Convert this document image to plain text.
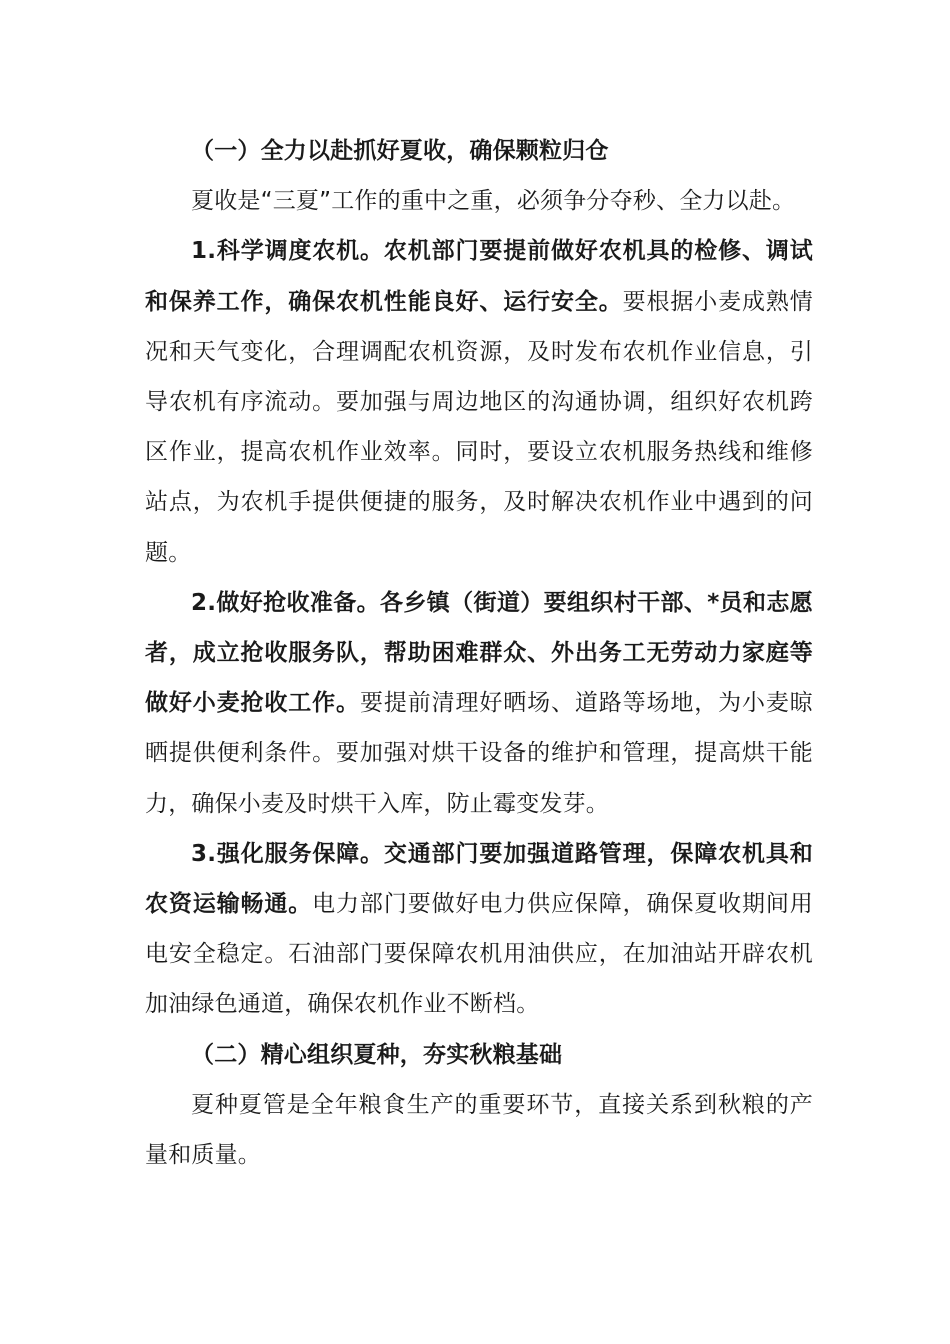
（一）全力以赴抓好夏收，确保颗粒归仓

夏收是“三夏”工作的重中之重，必须争分夺秒、全力以赴。

1.科学调度农机。农机部门要提前做好农机具的检修、调试和保养工作，确保农机性能良好、运行安全。要根据小麦成熟情况和天气变化，合理调配农机资源，及时发布农机作业信息，引导农机有序流动。要加强与周边地区的沟通协调，组织好农机跨区作业，提高农机作业效率。同时，要设立农机服务热线和维修站点，为农机手提供便捷的服务，及时解决农机作业中遇到的问题。

2.做好抢收准备。各乡镇（街道）要组织村干部、*员和志愿者，成立抢收服务队，帮助困难群众、外出务工无劳动力家庭等做好小麦抢收工作。要提前清理好晒场、道路等场地，为小麦晾晒提供便利条件。要加强对烘干设备的维护和管理，提高烘干能力，确保小麦及时烘干入库，防止霉变发芽。

3.强化服务保障。交通部门要加强道路管理，保障农机具和农资运输畅通。电力部门要做好电力供应保障，确保夏收期间用电安全稳定。石油部门要保障农机用油供应，在加油站开辟农机加油绿色通道，确保农机作业不断档。

（二）精心组织夏种，夯实秋粮基础

夏种夏管是全年粮食生产的重要环节，直接关系到秋粮的产量和质量。
